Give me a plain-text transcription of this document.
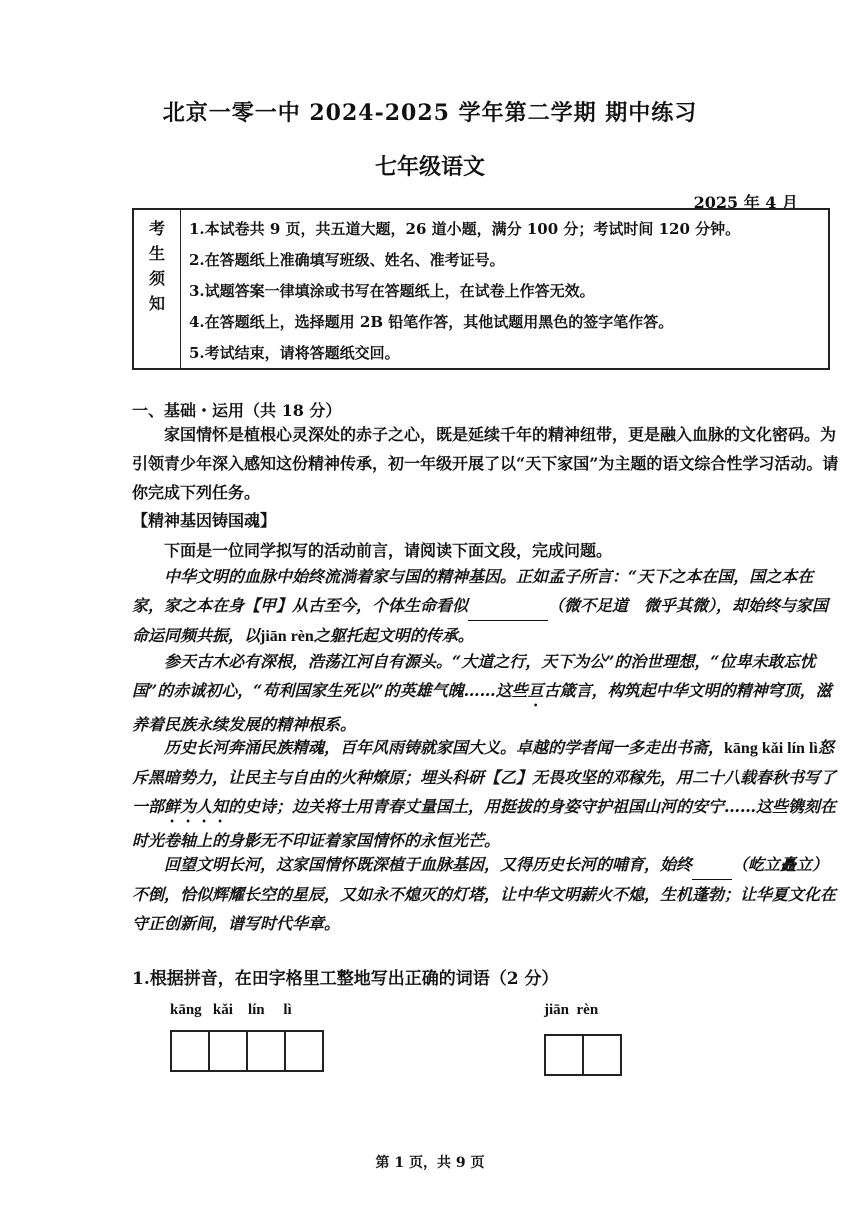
北京一零一中 2024-2025 学年第二学期 期中练习
七年级语文
2025 年 4 月
考
生
须
知
1.本试卷共 9 页，共五道大题，26 道小题，满分 100 分；考试时间 120 分钟。
2.在答题纸上准确填写班级、姓名、准考证号。
3.试题答案一律填涂或书写在答题纸上，在试卷上作答无效。
4.在答题纸上，选择题用 2B 铅笔作答，其他试题用黑色的签字笔作答。
5.考试结束，请将答题纸交回。
一、基础・运用（共 18 分）
家国情怀是植根心灵深处的赤子之心，既是延续千年的精神纽带，更是融入血脉的文化密码。为引领青少年深入感知这份精神传承，初一年级开展了以“天下家国”为主题的语文综合性学习活动。请你完成下列任务。
【精神基因铸国魂】
下面是一位同学拟写的活动前言，请阅读下面文段，完成问题。
中华文明的血脉中始终流淌着家与国的精神基因。正如孟子所言：“天下之本在国，国之本在家，家之本在身【甲】从古至今，个体生命看似	（微不足道　微乎其微），却始终与家国命运同频共振，以jiān rèn之躯托起文明的传承。
参天古木必有深根，浩荡江河自有源头。“大道之行，天下为公”的治世理想，“位卑未敢忘忧国”的赤诚初心，“苟利国家生死以”的英雄气魄……这些亘古箴言，构筑起中华文明的精神穹顶，滋养着民族永续发展的精神根系。
历史长河奔涌民族精魂，百年风雨铸就家国大义。卓越的学者闻一多走出书斋，kāng kǎi lín lì怒斥黑暗势力，让民主与自由的火种燎原；埋头科研【乙】无畏攻坚的邓稼先，用二十八载春秋书写了一部鲜为人知的史诗；边关将士用青春丈量国土，用挺拔的身姿守护祖国山河的安宁……这些镌刻在时光卷轴上的身影无不印证着家国情怀的永恒光芒。
回望文明长河，这家国情怀既深植于血脉基因，又得历史长河的哺育，始终	（屹立矗立）不倒，恰似辉耀长空的星辰，又如永不熄灭的灯塔，让中华文明薪火不熄，生机蓬勃；让华夏文化在守正创新间，谱写时代华章。
1.根据拼音，在田字格里工整地写出正确的词语（2 分）
kāng   kǎi    lín     lì	jiān  rèn
第 1 页，共 9 页
